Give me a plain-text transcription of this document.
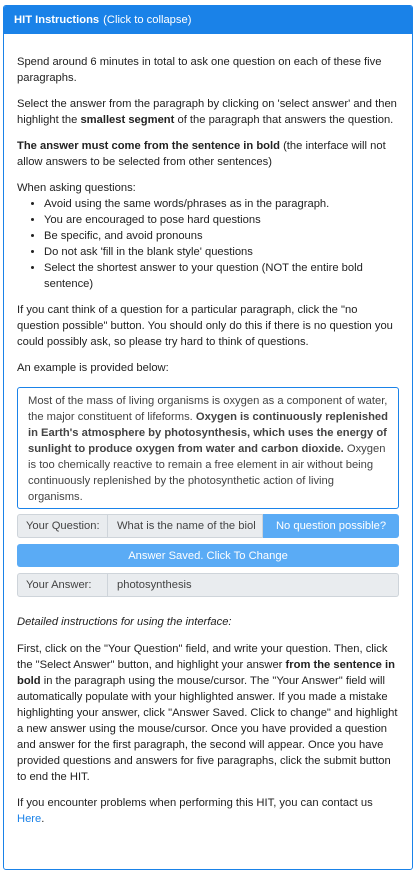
HIT Instructions (Click to collapse)

Spend around 6 minutes in total to ask one question on each of these five paragraphs.

Select the answer from the paragraph by clicking on 'select answer' and then highlight the smallest segment of the paragraph that answers the question.

The answer must come from the sentence in bold (the interface will not allow answers to be selected from other sentences)

When asking questions:

• Avoid using the same words/phrases as in the paragraph.
• You are encouraged to pose hard questions
• Be specific, and avoid pronouns
• Do not ask 'fill in the blank style' questions
• Select the shortest answer to your question (NOT the entire bold sentence)

If you cant think of a question for a particular paragraph, click the "no question possible" button. You should only do this if there is no question you could possibly ask, so please try hard to think of questions.

An example is provided below:

Most of the mass of living organisms is oxygen as a component of water, the major constituent of lifeforms. Oxygen is continuously replenished in Earth's atmosphere by photosynthesis, which uses the energy of sunlight to produce oxygen from water and carbon dioxide. Oxygen is too chemically reactive to remain a free element in air without being continuously replenished by the photosynthetic action of living organisms.
Your Question:	What is the name of the biol	No question possible?
Answer Saved. Click To Change
Your Answer:	photosynthesis

Detailed instructions for using the interface:

First, click on the "Your Question" field, and write your question. Then, click the "Select Answer" button, and highlight your answer from the sentence in bold in the paragraph using the mouse/cursor. The "Your Answer" field will automatically populate with your highlighted answer. If you made a mistake highlighting your answer, click "Answer Saved. Click to change" and highlight a new answer using the mouse/cursor. Once you have provided a question and answer for the first paragraph, the second will appear. Once you have provided questions and answers for five paragraphs, click the submit button to end the HIT.

If you encounter problems when performing this HIT, you can contact us Here.
